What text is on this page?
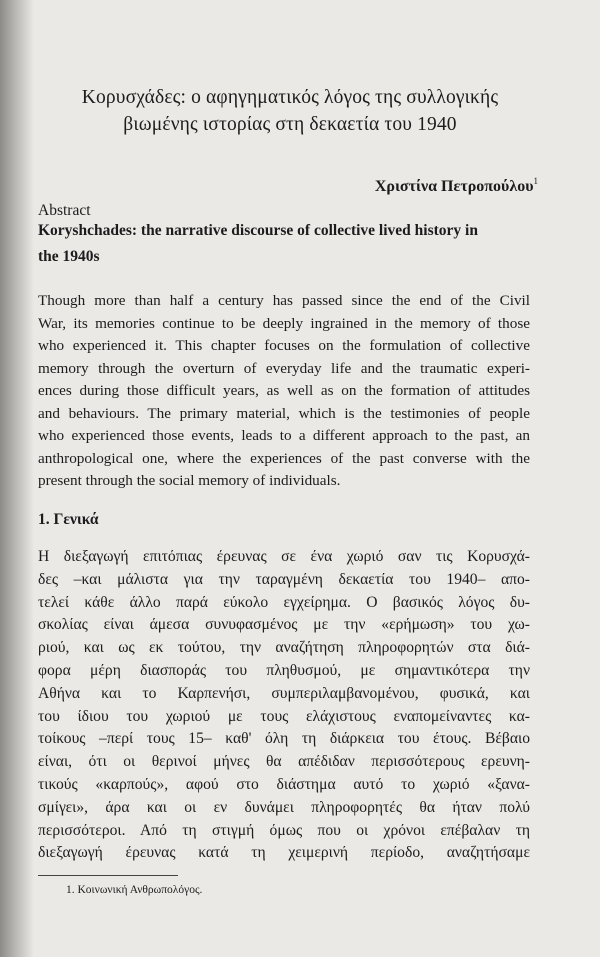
Κορυσχάδες: ο αφηγηματικός λόγος της συλλογικής
βιωμένης ιστορίας στη δεκαετία του 1940
Χριστίνα Πετροπούλου$^1$
Abstract
Koryshchades: the narrative discourse of collective lived history in
the 1940s
Though more than half a century has passed since the end of the Civil
War, its memories continue to be deeply ingrained in the memory of those
who experienced it. This chapter focuses on the formulation of collective
memory through the overturn of everyday life and the traumatic experi-
ences during those difficult years, as well as on the formation of attitudes
and behaviours. The primary material, which is the testimonies of people
who experienced those events, leads to a different approach to the past, an
anthropological one, where the experiences of the past converse with the
present through the social memory of individuals.
1. Γενικά
Η διεξαγωγή επιτόπιας έρευνας σε ένα χωριό σαν τις Κορυσχά-
δες –και μάλιστα για την ταραγμένη δεκαετία του 1940– απο-
τελεί κάθε άλλο παρά εύκολο εγχείρημα. Ο βασικός λόγος δυ-
σκολίας είναι άμεσα συνυφασμένος με την «ερήμωση» του χω-
ριού, και ως εκ τούτου, την αναζήτηση πληροφορητών στα διά-
φορα μέρη διασποράς του πληθυσμού, με σημαντικότερα την
Αθήνα και το Καρπενήσι, συμπεριλαμβανομένου, φυσικά, και
του ίδιου του χωριού με τους ελάχιστους εναπομείναντες κα-
τοίκους –περί τους 15– καθ' όλη τη διάρκεια του έτους. Βέβαιο
είναι, ότι οι θερινοί μήνες θα απέδιδαν περισσότερους ερευνη-
τικούς «καρπούς», αφού στο διάστημα αυτό το χωριό «ξανα-
σμίγει», άρα και οι εν δυνάμει πληροφορητές θα ήταν πολύ
περισσότεροι. Από τη στιγμή όμως που οι χρόνοι επέβαλαν τη
διεξαγωγή έρευνας κατά τη χειμερινή περίοδο, αναζητήσαμε
1. Κοινωνική Ανθρωπολόγος.
